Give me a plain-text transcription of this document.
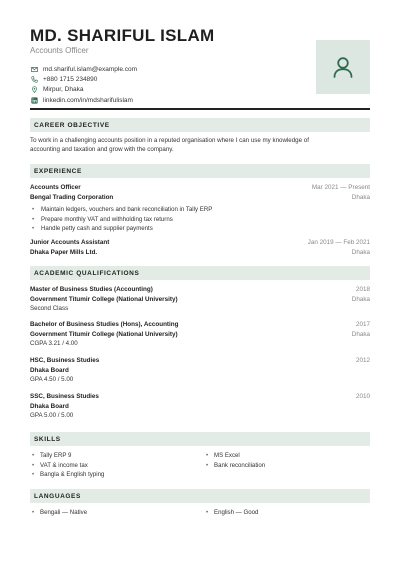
MD. SHARIFUL ISLAM
Accounts Officer
md.shariful.islam@example.com
+880 1715 234890
Mirpur, Dhaka
linkedin.com/in/mdsharifulislam
CAREER OBJECTIVE
To work in a challenging accounts position in a reputed organisation where I can use my knowledge of
accounting and taxation and grow with the company.
EXPERIENCE
Accounts Officer	Mar 2021 — Present
Bengal Trading Corporation	Dhaka
• Maintain ledgers, vouchers and bank reconciliation in Tally ERP
• Prepare monthly VAT and withholding tax returns
• Handle petty cash and supplier payments
Junior Accounts Assistant	Jan 2019 — Feb 2021
Dhaka Paper Mills Ltd.	Dhaka
ACADEMIC QUALIFICATIONS
Master of Business Studies (Accounting)	2018
Government Titumir College (National University)	Dhaka
Second Class
Bachelor of Business Studies (Hons), Accounting	2017
Government Titumir College (National University)	Dhaka
CGPA 3.21 / 4.00
HSC, Business Studies	2012
Dhaka Board
GPA 4.50 / 5.00
SSC, Business Studies	2010
Dhaka Board
GPA 5.00 / 5.00
SKILLS
• Tally ERP 9	• MS Excel
• VAT & income tax	• Bank reconciliation
• Bangla & English typing
LANGUAGES
• Bengali — Native	• English — Good
